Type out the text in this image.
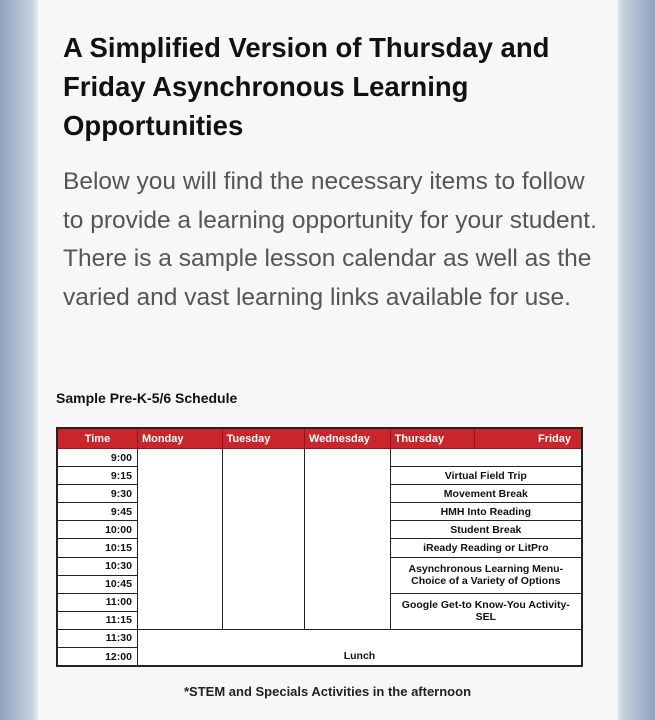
A Simplified Version of Thursday and Friday Asynchronous Learning Opportunities

Below you will find the necessary items to follow to provide a learning opportunity for your student. There is a sample lesson calendar as well as the varied and vast learning links available for use.

Sample Pre-K-5/6 Schedule
Time	Monday	Tuesday	Wednesday	Thursday	Friday
9:00					
9:15				Virtual Field Trip	
9:30				Movement Break	
9:45				HMH Into Reading	
10:00				Student Break	
10:15				iReady Reading or LitPro	
10:30				Asynchronous Learning Menu-Choice of a Variety of Options	
10:45					
11:00				Google Get-to Know-You Activity-SEL	
11:15					
11:30	Lunch				
12:00					
*STEM and Specials Activities in the afternoon
